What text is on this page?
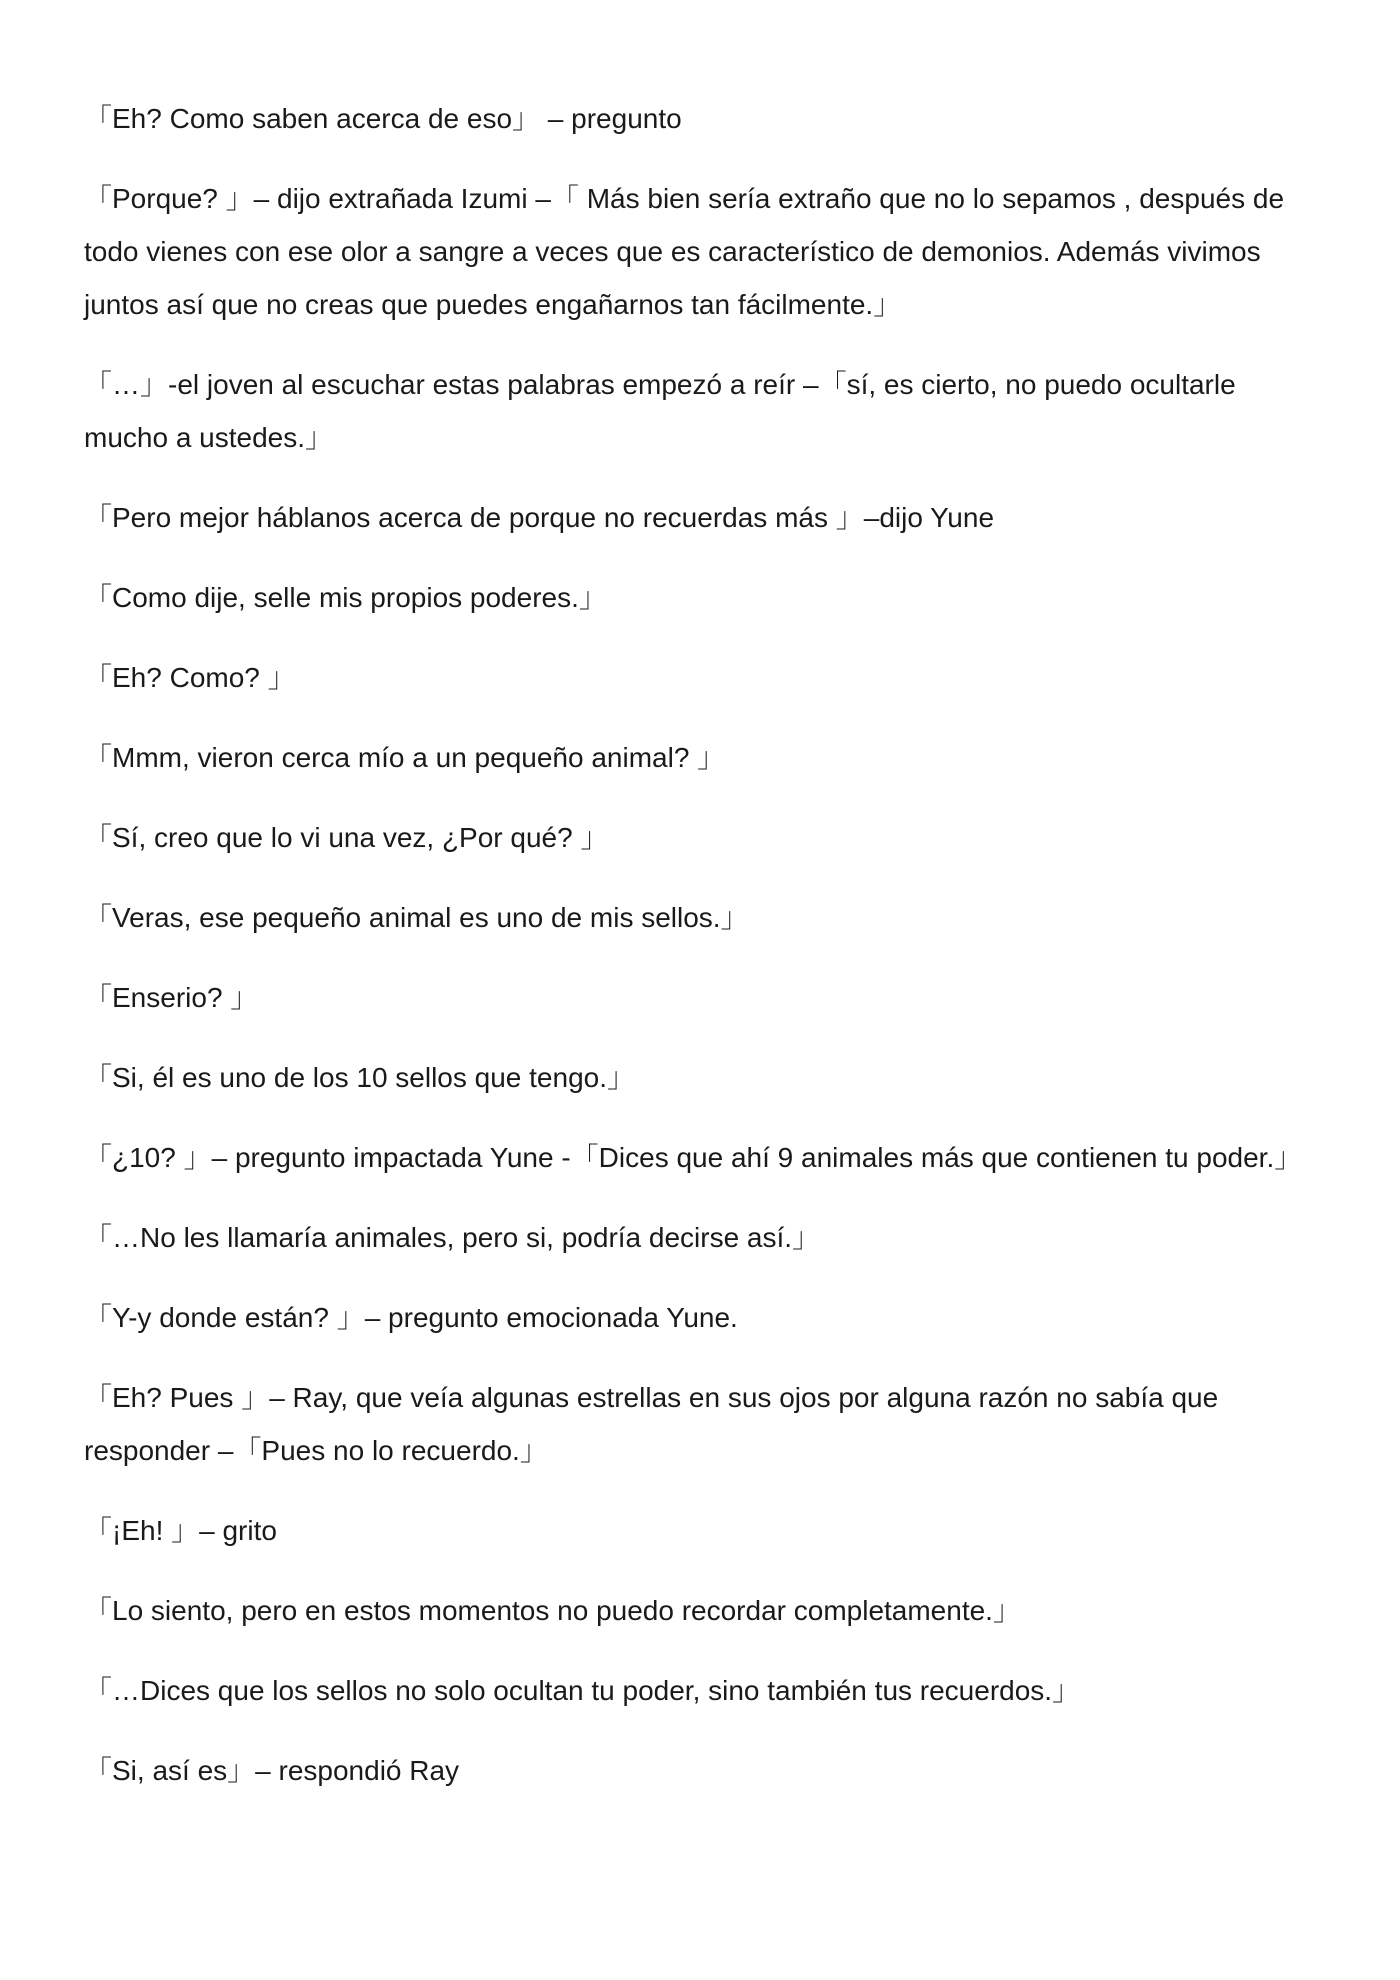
「Eh? Como saben acerca de eso」 – pregunto

「Porque? 」– dijo extrañada Izumi –「 Más bien sería extraño que no lo sepamos , después de todo vienes con ese olor a sangre a veces que es característico de demonios. Además vivimos juntos así que no creas que puedes engañarnos tan fácilmente.」

「…」-el joven al escuchar estas palabras empezó a reír –「sí, es cierto, no puedo ocultarle mucho a ustedes.」

「Pero mejor háblanos acerca de porque no recuerdas más 」–dijo Yune

「Como dije, selle mis propios poderes.」

「Eh? Como? 」

「Mmm, vieron cerca mío a un pequeño animal? 」

「Sí, creo que lo vi una vez, ¿Por qué? 」

「Veras, ese pequeño animal es uno de mis sellos.」

「Enserio? 」

「Si, él es uno de los 10 sellos que tengo.」

「¿10? 」– pregunto impactada Yune -「Dices que ahí 9 animales más que contienen tu poder.」

「…No les llamaría animales, pero si, podría decirse así.」

「Y-y donde están? 」– pregunto emocionada Yune.

「Eh? Pues 」– Ray, que veía algunas estrellas en sus ojos por alguna razón no sabía que responder –「Pues no lo recuerdo.」

「¡Eh! 」– grito

「Lo siento, pero en estos momentos no puedo recordar completamente.」

「…Dices que los sellos no solo ocultan tu poder, sino también tus recuerdos.」

「Si, así es」– respondió Ray
